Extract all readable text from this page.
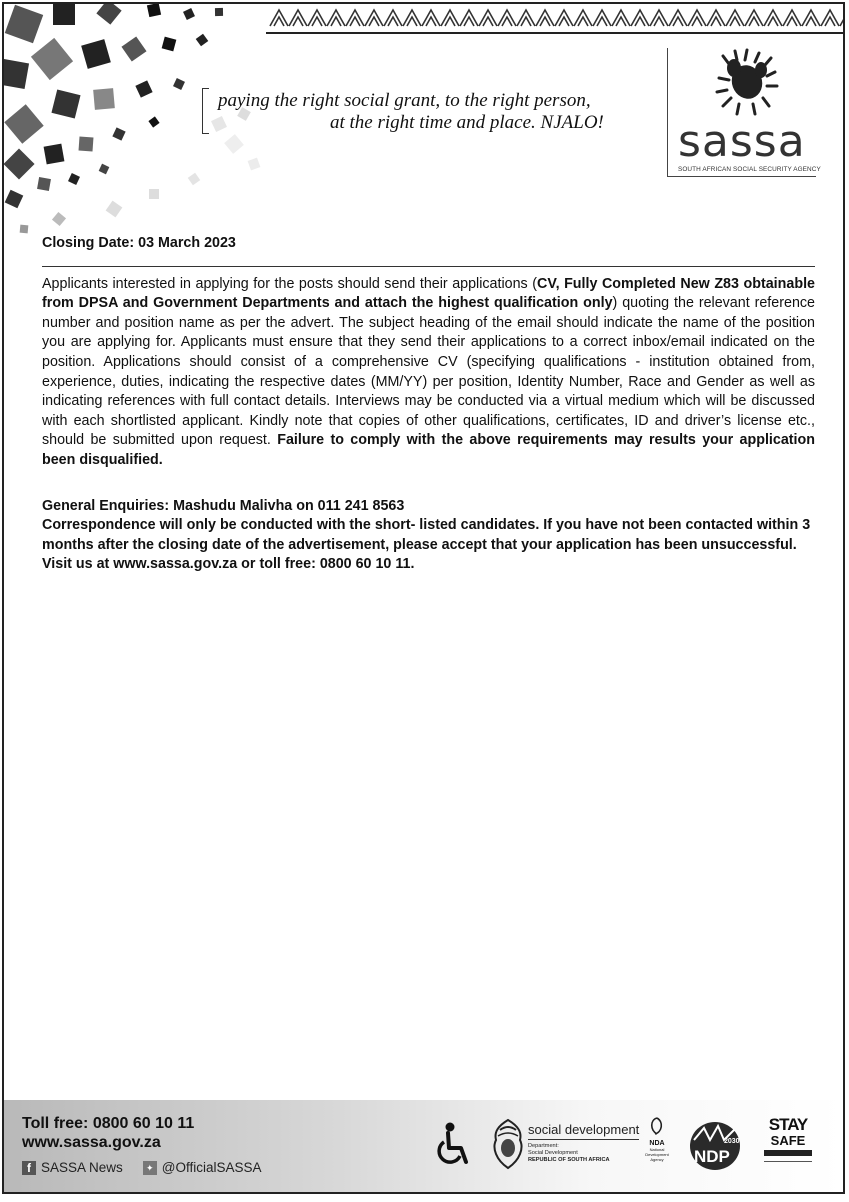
paying the right social grant, to the right person,
at the right time and place. NJALO! sassa
SOUTH AFRICAN SOCIAL SECURITY AGENCY
Closing Date: 03 March 2023

Applicants interested in applying for the posts should send their applications (CV, Fully Completed New Z83 obtainable from DPSA and Government Departments and attach the highest qualification only) quoting the relevant reference number and position name as per the advert. The subject heading of the email should indicate the name of the position you are applying for. Applicants must ensure that they send their applications to a correct inbox/email indicated on the position. Applications should consist of a comprehensive CV (specifying qualifications - institution obtained from, experience, duties, indicating the respective dates (MM/YY) per position, Identity Number, Race and Gender as well as indicating references with full contact details. Interviews may be conducted via a virtual medium which will be discussed with each shortlisted applicant. Kindly note that copies of other qualifications, certificates, ID and driver’s license etc., should be submitted upon request. Failure to comply with the above requirements may results your application been disqualified.

General Enquiries: Mashudu Malivha on 011 241 8563
Correspondence will only be conducted with the short- listed candidates. If you have not been contacted within 3 months after the closing date of the advertisement, please accept that your application has been unsuccessful.
Visit us at www.sassa.gov.za or toll free: 0800 60 10 11.
Toll free: 0800 60 10 11
www.sassa.gov.za
f SASSA News	✦ @OfficialSASSA
social development
Department:
Social Development
REPUBLIC OF SOUTH AFRICA
NDA
National Development Agency
2030
NDP
STAY
SAFE
